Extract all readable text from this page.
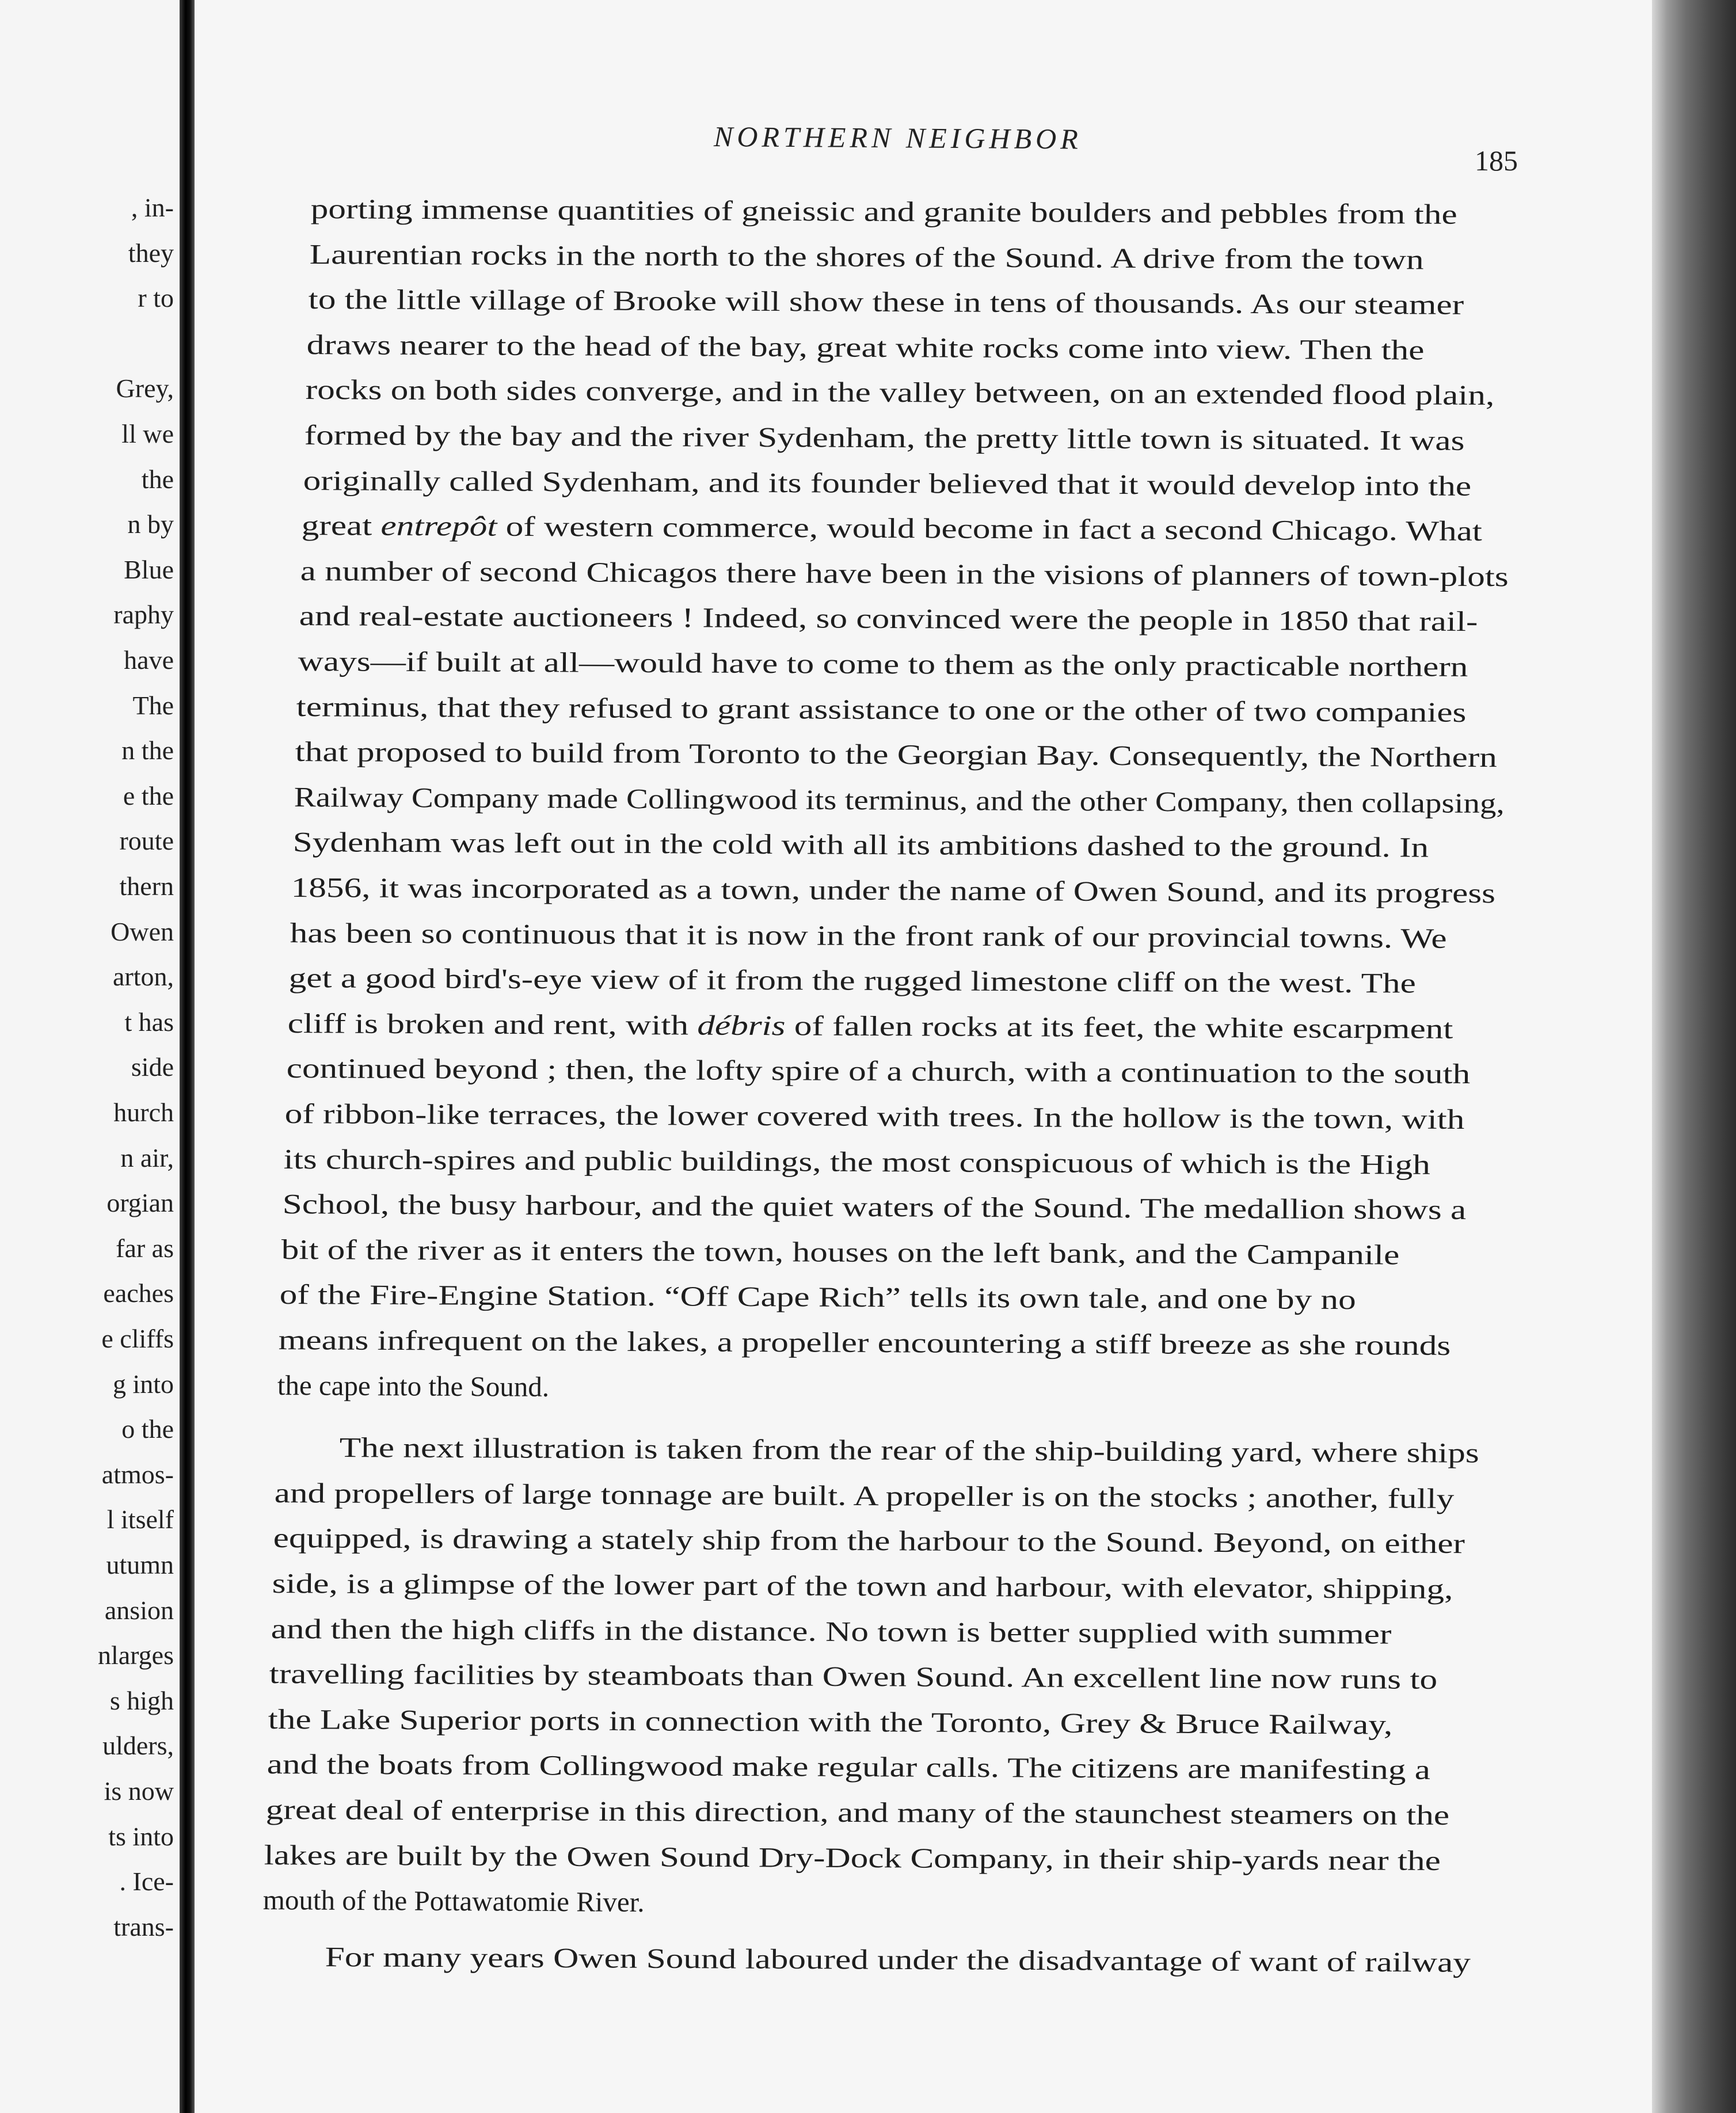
, in-
they
r to
Grey,
ll we
the
n by
Blue
raphy
have
The
n the
e the
route
thern
Owen
arton,
t has
side
hurch
n air,
orgian
far as
eaches
e cliffs
g into
o the
atmos-
l itself
utumn
ansion
nlarges
s high
ulders,
is now
ts into
. Ice-
trans-
NORTHERN NEIGHBOR
185
porting immense quantities of gneissic and granite boulders and pebbles from the
Laurentian rocks in the north to the shores of the Sound. A drive from the town
to the little village of Brooke will show these in tens of thousands. As our steamer
draws nearer to the head of the bay, great white rocks come into view. Then the
rocks on both sides converge, and in the valley between, on an extended flood plain,
formed by the bay and the river Sydenham, the pretty little town is situated. It was
originally called Sydenham, and its founder believed that it would develop into the
great entrepôt of western commerce, would become in fact a second Chicago. What
a number of second Chicagos there have been in the visions of planners of town-plots
and real-estate auctioneers ! Indeed, so convinced were the people in 1850 that rail-
ways—if built at all—would have to come to them as the only practicable northern
terminus, that they refused to grant assistance to one or the other of two companies
that proposed to build from Toronto to the Georgian Bay. Consequently, the Northern
Railway Company made Collingwood its terminus, and the other Company, then collapsing,
Sydenham was left out in the cold with all its ambitions dashed to the ground. In
1856, it was incorporated as a town, under the name of Owen Sound, and its progress
has been so continuous that it is now in the front rank of our provincial towns. We
get a good bird's-eye view of it from the rugged limestone cliff on the west. The
cliff is broken and rent, with débris of fallen rocks at its feet, the white escarpment
continued beyond ; then, the lofty spire of a church, with a continuation to the south
of ribbon-like terraces, the lower covered with trees. In the hollow is the town, with
its church-spires and public buildings, the most conspicuous of which is the High
School, the busy harbour, and the quiet waters of the Sound. The medallion shows a
bit of the river as it enters the town, houses on the left bank, and the Campanile
of the Fire-Engine Station. “Off Cape Rich” tells its own tale, and one by no
means infrequent on the lakes, a propeller encountering a stiff breeze as she rounds
the cape into the Sound.
The next illustration is taken from the rear of the ship-building yard, where ships
and propellers of large tonnage are built. A propeller is on the stocks ; another, fully
equipped, is drawing a stately ship from the harbour to the Sound. Beyond, on either
side, is a glimpse of the lower part of the town and harbour, with elevator, shipping,
and then the high cliffs in the distance. No town is better supplied with summer
travelling facilities by steamboats than Owen Sound. An excellent line now runs to
the Lake Superior ports in connection with the Toronto, Grey & Bruce Railway,
and the boats from Collingwood make regular calls. The citizens are manifesting a
great deal of enterprise in this direction, and many of the staunchest steamers on the
lakes are built by the Owen Sound Dry-Dock Company, in their ship-yards near the
mouth of the Pottawatomie River.
For many years Owen Sound laboured under the disadvantage of want of railway
